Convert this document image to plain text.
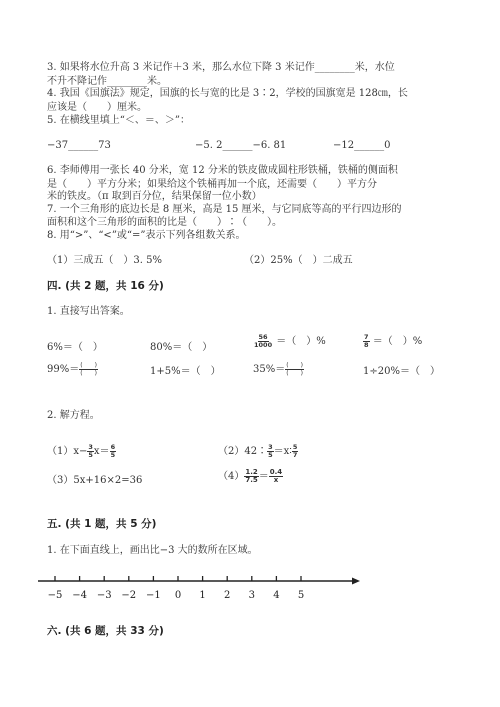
3. 如果将水位升高 3 米记作＋3 米，那么水位下降 3 米记作________米，水位
不升不降记作________米。
4. 我国《国旗法》规定，国旗的长与宽的比是 3∶2，学校的国旗宽是 128㎝，长
应该是（　　）厘米。
5. 在横线里填上“＜、＝、＞”：
−37______73	−5. 2______−6. 81	−12______0
6. 李师傅用一张长 40 分米，宽 12 分米的铁皮做成圆柱形铁桶，铁桶的侧面积
是（　　）平方分米；如果给这个铁桶再加一个底，还需要（　　）平方分
米的铁皮。（π 取到百分位，结果保留一位小数）
7. 一个三角形的底边长是 8 厘米，高是 15 厘米，与它同底等高的平行四边形的
面积和这个三角形的面积的比是（　　）∶（　　）。
8. 用“>”、“<”或“=”表示下列各组数关系。
（1）三成五（　）3. 5%	（2）25%（　）二成五
四. (共 2 题，共 16 分)
1. 直接写出答案。
6%＝（　）	80%＝（　）	$\frac{56}{1000}$ ＝（　）%	$\frac{7}{8}$ ＝（　）%
$99\%= \frac{( )}{( )}$	1+5%＝（　）	$35\%= \frac{( )}{( )}$	1÷20%＝（　）
2. 解方程。
$(1)x- \frac{3}{5} x= \frac{6}{5}$	（2）42∶ $\frac{3}{5}$ ＝x∶ $\frac{5}{7}$
（3）5x+16×2=36	$(4) \frac{1.2}{7.5} = \frac{0.4}{x}$
五. (共 1 题，共 5 分)
1. 在下面直线上，画出比−3 大的数所在区域。
−5 −4 −3 −2 −1 0 1 2 3 4 5
六. (共 6 题，共 33 分)
